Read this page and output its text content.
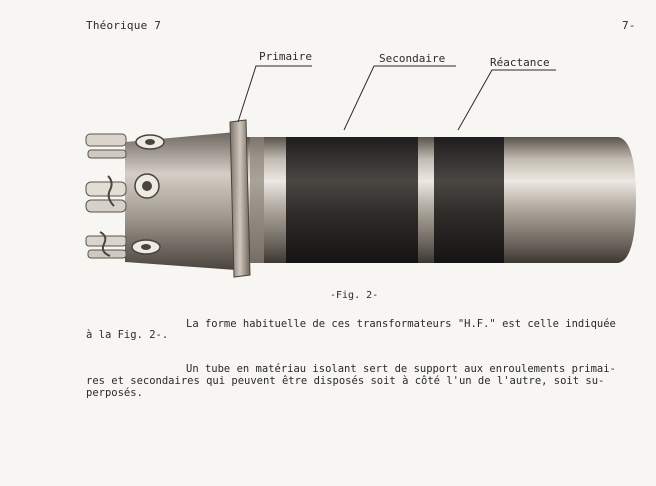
Théorique 7	7-
Primaire	Secondaire	Réactance
-Fig. 2-
La forme habituelle de ces transformateurs "H.F." est celle indiquée
à la Fig. 2-.
Un tube en matériau isolant sert de support aux enroulements primai-
res et secondaires qui peuvent être disposés soit à côté l'un de l'autre, soit su-
perposés.
